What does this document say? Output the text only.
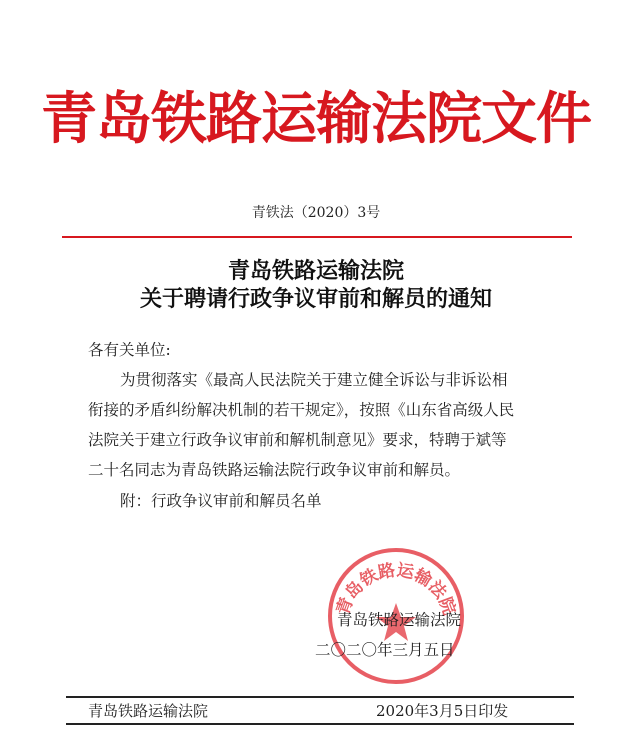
青岛铁路运输法院文件
青铁法（2020）3号
青岛铁路运输法院
关于聘请行政争议审前和解员的通知
各有关单位:
为贯彻落实《最高人民法院关于建立健全诉讼与非诉讼相
衔接的矛盾纠纷解决机制的若干规定》，按照《山东省高级人民
法院关于建立行政争议审前和解机制意见》要求，特聘于斌等
二十名同志为青岛铁路运输法院行政争议审前和解员。
附：行政争议审前和解员名单
青岛铁路运输法院
青岛铁路运输法院
二〇二〇年三月五日
青岛铁路运输法院	2020年3月5日印发
